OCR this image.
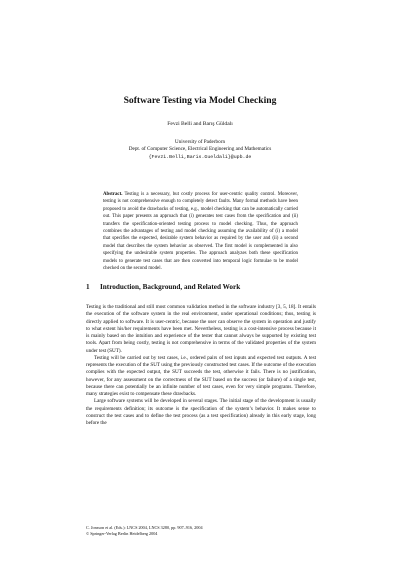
Software Testing via Model Checking
Fevzi Belli and Barış Güldalı
University of Paderborn
Dept. of Computer Science, Electrical Engineering and Mathematics
{Fevzi.Belli,Baris.Gueldali}@upb.de
Abstract. Testing is a necessary, but costly process for user-centric quality control. Moreover, testing is not comprehensive enough to completely detect faults. Many formal methods have been proposed to avoid the drawbacks of testing, e.g., model checking that can be automatically carried out. This paper presents an approach that (i) generates test cases from the specification and (ii) transfers the specification-oriented testing process to model checking. Thus, the approach combines the advantages of testing and model checking assuming the availability of (i) a model that specifies the expected, desirable system behavior as required by the user and (ii) a second model that describes the system behavior as observed. The first model is complemented in also specifying the undesirable system properties. The approach analyzes both these specification models to generate test cases that are then converted into temporal logic formulae to be model checked on the second model.
1 Introduction, Background, and Related Work

Testing is the traditional and still most common validation method in the software industry [3, 5, 18]. It entails the execution of the software system in the real environment, under operational conditions; thus, testing is directly applied to software. It is user-centric, because the user can observe the system in operation and justify to what extent his/her requirements have been met. Nevertheless, testing is a cost-intensive process because it is mainly based on the intuition and experience of the tester that cannot always be supported by existing test tools. Apart from being costly, testing is not comprehensive in terms of the validated properties of the system under test (SUT).

Testing will be carried out by test cases, i.e., ordered pairs of test inputs and expected test outputs. A test represents the execution of the SUT using the previously constructed test cases. If the outcome of the execution complies with the expected output, the SUT succeeds the test, otherwise it fails. There is no justification, however, for any assessment on the correctness of the SUT based on the success (or failure) of a single test, because there can potentially be an infinite number of test cases, even for very simple programs. Therefore, many strategies exist to compensate these drawbacks.

Large software systems will be developed in several stages. The initial stage of the development is usually the requirements definition; its outcome is the specification of the system’s behavior. It makes sense to construct the test cases and to define the test process (as a test specification) already in this early stage, long before the

C. Jonsson et al. (Eds.): LNCS 2004, LNCS 3280, pp. 907–916, 2004
© Springer-Verlag Berlin Heidelberg 2004
